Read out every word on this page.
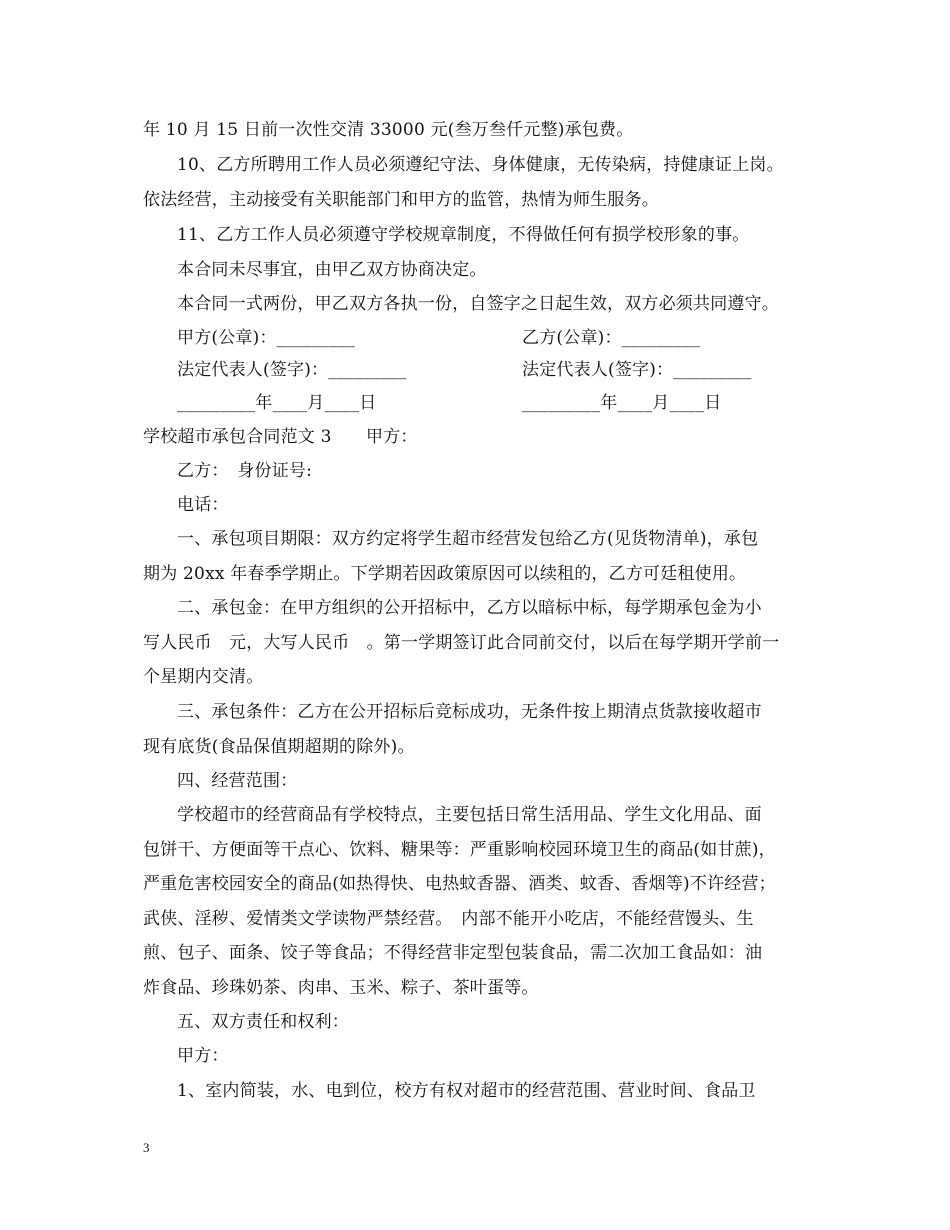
年 10 月 15 日前一次性交清 33000 元(叁万叁仟元整)承包费。
10、乙方所聘用工作人员必须遵纪守法、身体健康，无传染病，持健康证上岗。
依法经营，主动接受有关职能部门和甲方的监管，热情为师生服务。
11、乙方工作人员必须遵守学校规章制度，不得做任何有损学校形象的事。
本合同未尽事宜，由甲乙双方协商决定。
本合同一式两份，甲乙双方各执一份，自签字之日起生效，双方必须共同遵守。
甲方(公章)：_________	乙方(公章)：_________
法定代表人(签字)：_________	法定代表人(签字)：_________
_________年____月____日	_________年____月____日
学校超市承包合同范文 3　　甲方：
乙方：　身份证号:
电话：
一、承包项目期限：双方约定将学生超市经营发包给乙方(见货物清单)，承包
期为 20xx 年春季学期止。下学期若因政策原因可以续租的，乙方可廷租使用。
二、承包金：在甲方组织的公开招标中，乙方以暗标中标，每学期承包金为小
写人民币　元，大写人民币　。第一学期签订此合同前交付，以后在每学期开学前一
个星期内交清。
三、承包条件：乙方在公开招标后竞标成功，无条件按上期清点货款接收超市
现有底货(食品保值期超期的除外)。
四、经营范围：
学校超市的经营商品有学校特点，主要包括日常生活用品、学生文化用品、面
包饼干、方便面等干点心、饮料、糖果等：严重影响校园环境卫生的商品(如甘蔗)，
严重危害校园安全的商品(如热得快、电热蚊香器、酒类、蚊香、香烟等)不许经营；
武侠、淫秽、爱情类文学读物严禁经营。　内部不能开小吃店，不能经营馒头、生
煎、包子、面条、饺子等食品；不得经营非定型包装食品，需二次加工食品如：油
炸食品、珍珠奶茶、肉串、玉米、粽子、茶叶蛋等。
五、双方责任和权利：
甲方：
1、室内简装，水、电到位，校方有权对超市的经营范围、营业时间、食品卫
3
